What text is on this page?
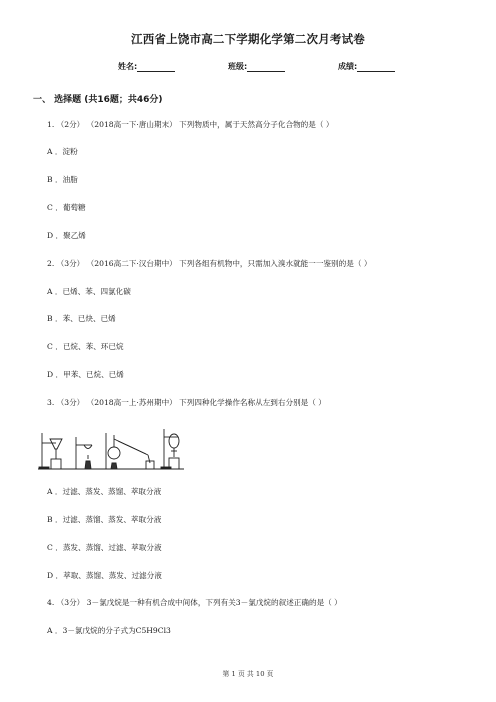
江西省上饶市高二下学期化学第二次月考试卷
姓名:	班级:	成绩:
一、 选择题 (共16题；共46分)
1. （2分） （2018高一下·唐山期末） 下列物质中，属于天然高分子化合物的是（ ）
A ．淀粉
B ．油脂
C ．葡萄糖
D ．聚乙烯
2. （3分） （2016高二下·汉台期中） 下列各组有机物中，只需加入溴水就能一一鉴别的是（ ）
A ．已烯、苯、四氯化碳
B ．苯、已炔、已烯
C ．已烷、苯、环已烷
D ．甲苯、已烷、已烯
3. （3分） （2018高一上·苏州期中） 下列四种化学操作名称从左到右分别是（ ）
A ．过滤、蒸发、蒸馏、萃取分液
B ．过滤、蒸馏、蒸发、萃取分液
C ．蒸发、蒸馏、过滤、萃取分液
D ．萃取、蒸馏、蒸发、过滤分液
4. （3分） 3－氯戊烷是一种有机合成中间体，下列有关3－氯戊烷的叙述正确的是（ ）
A ．3－氯戊烷的分子式为C5H9Cl3
第 1 页 共 10 页
